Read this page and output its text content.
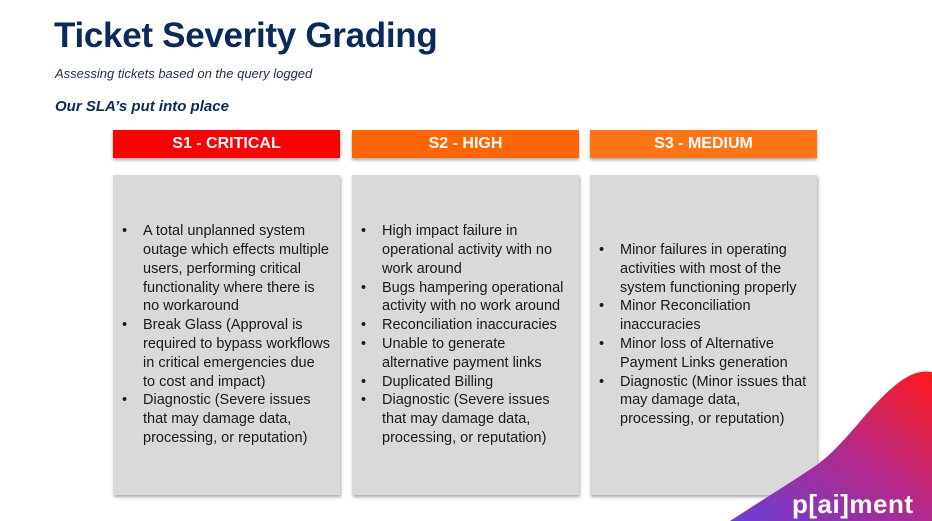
Ticket Severity Grading
Assessing tickets based on the query logged
Our SLA’s put into place
S1 - CRITICAL
• A total unplanned system outage which effects multiple users, performing critical functionality where there is no workaround
• Break Glass (Approval is required to bypass workflows in critical emergencies due to cost and impact)
• Diagnostic (Severe issues that may damage data, processing, or reputation)
S2 - HIGH
• High impact failure in operational activity with no work around
• Bugs hampering operational activity with no work around
• Reconciliation inaccuracies
• Unable to generate alternative payment links
• Duplicated Billing
• Diagnostic (Severe issues that may damage data, processing, or reputation)
S3 - MEDIUM
• Minor failures in operating activities with most of the system functioning properly
• Minor Reconciliation inaccuracies
• Minor loss of Alternative Payment Links generation
• Diagnostic (Minor issues that may damage data, processing, or reputation)
p[ai]ment
